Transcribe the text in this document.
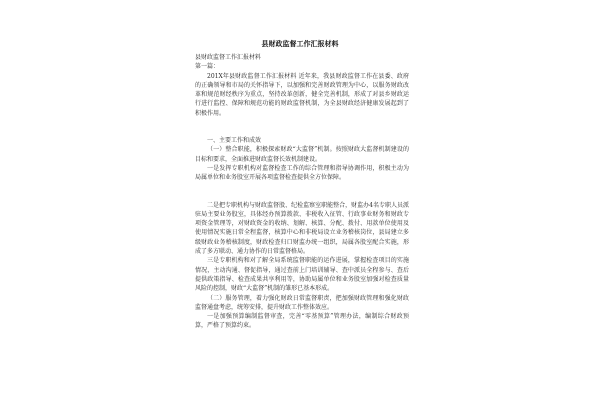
县财政监督工作汇报材料

县财政监督工作汇报材料

第一篇：

201X年县财政监督工作汇报材料 近年来，我县财政监督工作在县委、政府的正确领导和市局的关怀指导下，以加强和完善财政管理为中心，以服务财政改革和规范财经秩序为重点，坚持改革创新，健全完善机制，形成了对县乡财政运行进行监控、保障和规范功能的财政监督机制，为全县财政经济健康发展起到了积极作用。

一、主要工作和成效

（一）整合职能，积极探索财政“大监督”机制。按照财政大监督机制建设的目标和要求，全面推进财政监督长效机制建设。

一是发挥专职机构对监督检查工作的综合管理和指导协调作用，积极主动为局属单位和业务股室开展各项监督检查提供全方位保障。

二是把专职机构与财政监督股、纪检监察室职能整合，财监办4名专职人员派驻局主要业务股室，具体经办预算拨款、非税收入征管、行政事业财务和财政专项资金管理等，对财政资金的收纳、划解、核算、分配、拨付、用款单位使用及使用情况实施日常全程监督，核算中心和非税局设立业务稽核岗位，县局建立多级财政业务稽核制度，财政检查归口财监办统一组织，局属各股室配合实施，形成了多方联动、通力协作的日常监督格局。

三是专职机构和对了解全局系统监督职能的运作进展，掌握检查项目的实施情况，主动沟通、督促指导，通过查前上门培训辅导、查中派员全程参与、查后提供政策指导、检查成果共享利用等，协助局属单位和业务股室加强对检查质量风险的控制，财政“大监督”机制的雏形已基本形成。

（二）服务管理，着力强化财政日常监督职责，把加强财政管理和强化财政监督通盘考虑，统筹安排，提升财政工作整体效应。

一是加强预算编制监督审查，完善“零基预算”管理办法，编制综合财政预算，严格了预算约束。
